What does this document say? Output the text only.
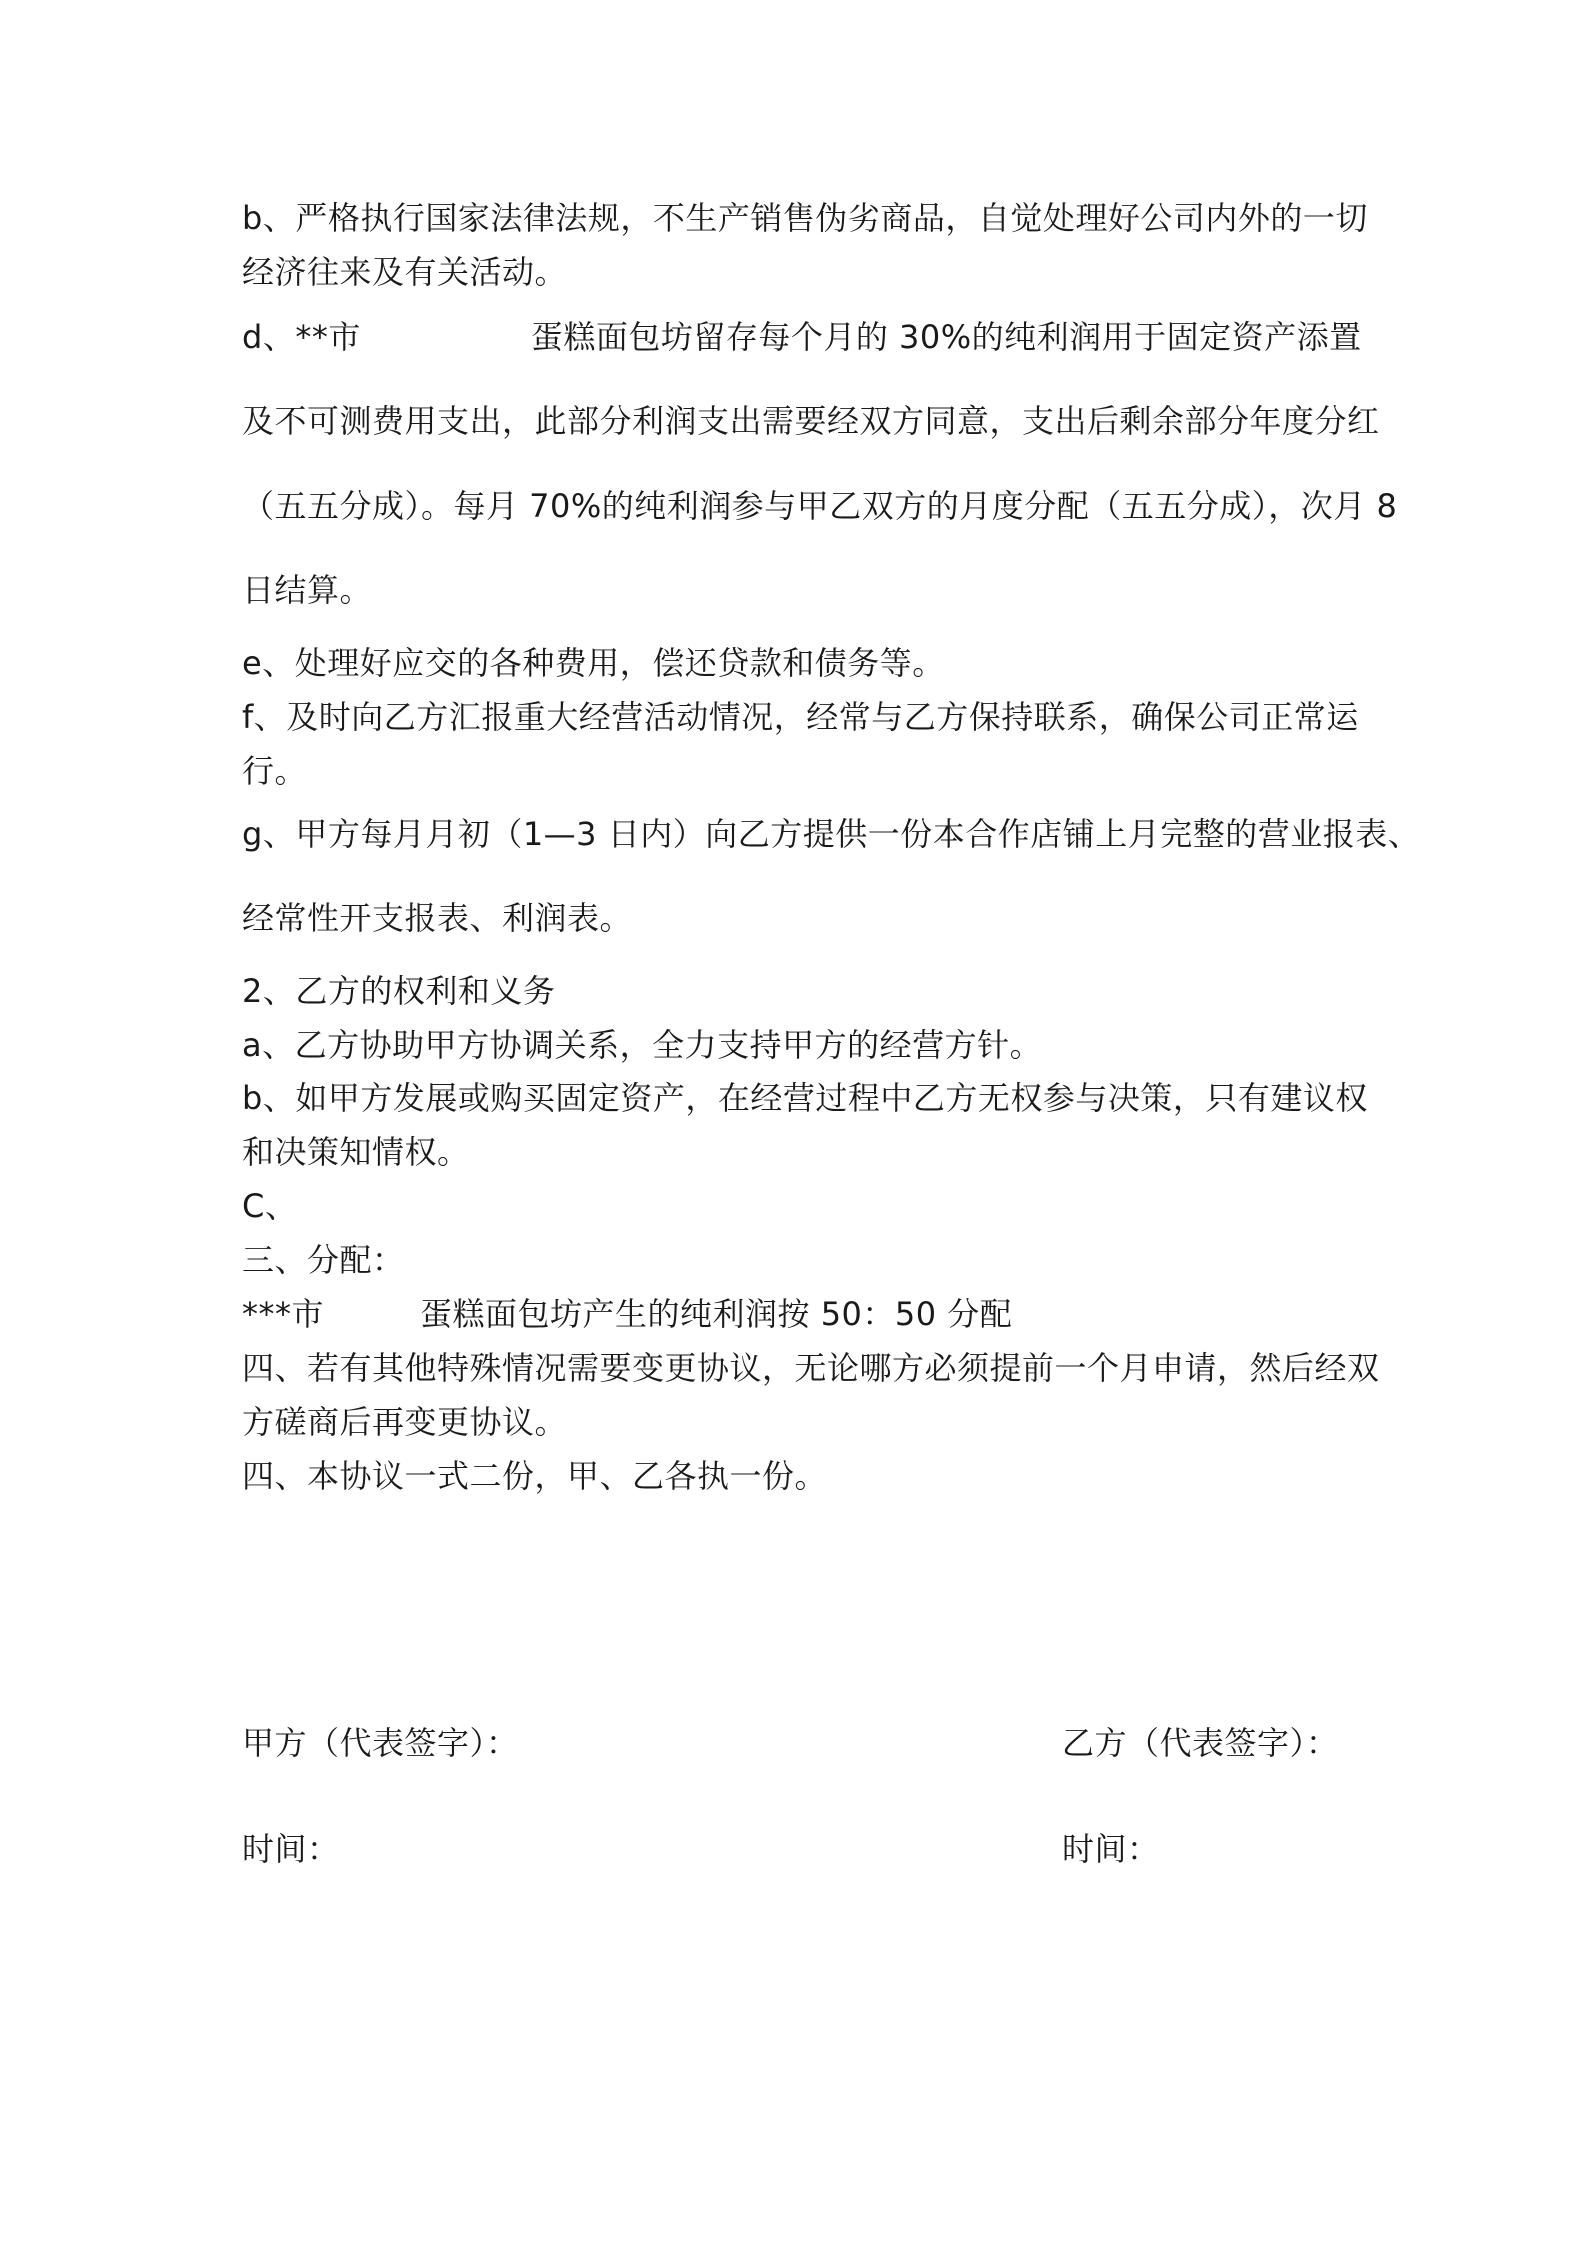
b、严格执行国家法律法规，不生产销售伪劣商品，自觉处理好公司内外的一切
经济往来及有关活动。
d、**市	蛋糕面包坊留存每个月的 30%的纯利润用于固定资产添置
及不可测费用支出，此部分利润支出需要经双方同意，支出后剩余部分年度分红
（五五分成）。每月 70%的纯利润参与甲乙双方的月度分配（五五分成），次月 8
日结算。
e、处理好应交的各种费用，偿还贷款和债务等。
f、及时向乙方汇报重大经营活动情况，经常与乙方保持联系，确保公司正常运
行。
g、甲方每月月初（1—3 日内）向乙方提供一份本合作店铺上月完整的营业报表、
经常性开支报表、利润表。
2、乙方的权利和义务
a、乙方协助甲方协调关系，全力支持甲方的经营方针。
b、如甲方发展或购买固定资产，在经营过程中乙方无权参与决策，只有建议权
和决策知情权。
C、
三、分配：
***市	蛋糕面包坊产生的纯利润按 50：50 分配
四、若有其他特殊情况需要变更协议，无论哪方必须提前一个月申请，然后经双
方磋商后再变更协议。
四、本协议一式二份，甲、乙各执一份。
甲方（代表签字）：	乙方（代表签字）：
时间：	时间：
